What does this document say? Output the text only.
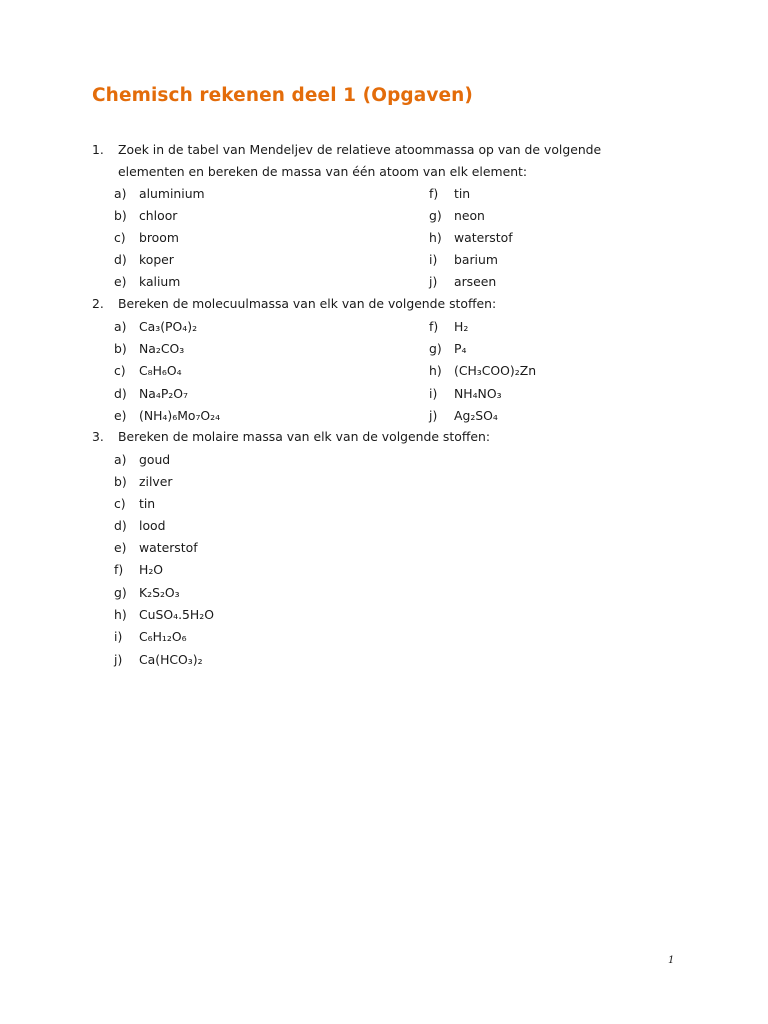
Chemisch rekenen deel 1 (Opgaven)
1. Zoek in de tabel van Mendeljev de relatieve atoommassa op van de volgende
elementen en bereken de massa van één atoom van elk element:
a) aluminium
b) chloor
c) broom
d) koper
e) kalium
f) tin
g) neon
h) waterstof
i) barium
j) arseen
2. Bereken de molecuulmassa van elk van de volgende stoffen:
a) Ca₃(PO₄)₂
b) Na₂CO₃
c) C₈H₆O₄
d) Na₄P₂O₇
e) (NH₄)₆Mo₇O₂₄
f) H₂
g) P₄
h) (CH₃COO)₂Zn
i) NH₄NO₃
j) Ag₂SO₄
3. Bereken de molaire massa van elk van de volgende stoffen:
a) goud
b) zilver
c) tin
d) lood
e) waterstof
f) H₂O
g) K₂S₂O₃
h) CuSO₄.5H₂O
i) C₆H₁₂O₆
j) Ca(HCO₃)₂
1
